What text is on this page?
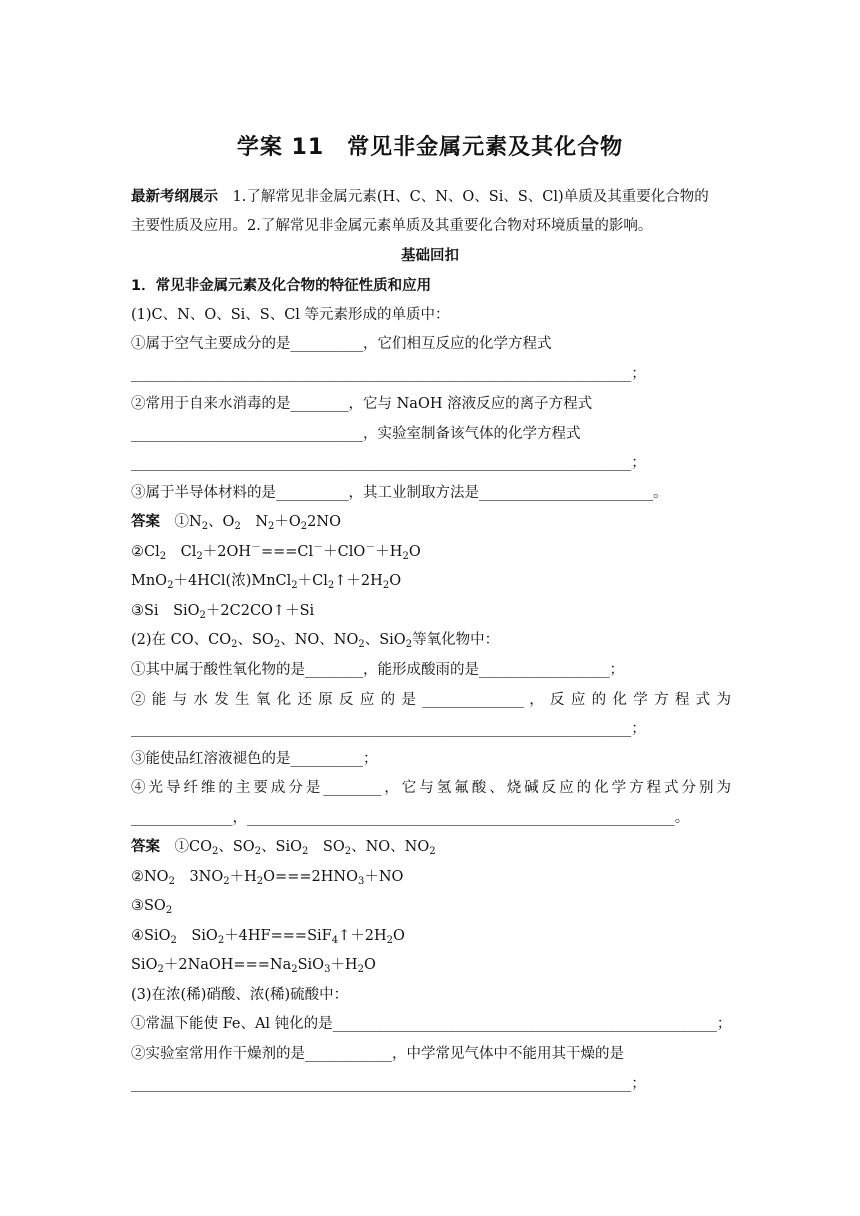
学案 11　常见非金属元素及其化合物
最新考纲展示　1.了解常见非金属元素(H、C、N、O、Si、S、Cl)单质及其重要化合物的
主要性质及应用。2.了解常见非金属元素单质及其重要化合物对环境质量的影响。
基础回扣
1．常见非金属元素及化合物的特征性质和应用
(1)C、N、O、Si、S、Cl 等元素形成的单质中：
①属于空气主要成分的是__________，它们相互反应的化学方程式
_____________________________________________________________________；
②常用于自来水消毒的是________，它与 NaOH 溶液反应的离子方程式
________________________________，实验室制备该气体的化学方程式
_____________________________________________________________________；
③属于半导体材料的是__________，其工业制取方法是________________________。
答案　$①N_2$、$O_2$　$N_2+O_22NO$
$②Cl_2$　$Cl_2+2OH^-===Cl^-+ClO^-+H_2O$
MnO$_2$＋4HCl(浓)$MnCl_2+Cl_2↑+2H_2O$
③Si　SiO$_2$＋2C2CO↑＋Si
(2)在 CO、$CO_2$、$SO_2$、NO、$NO_2$、SiO$_2$等氧化物中：
①其中属于酸性氧化物的是________，能形成酸雨的是__________________；
② 能 与 水 发 生 氧 化 还 原 反 应 的 是 ______________ ， 反 应 的 化 学 方 程 式 为
_____________________________________________________________________；
③能使品红溶液褪色的是__________；
④光导纤维的主要成分是________，它与氢氟酸、烧碱反应的化学方程式分别为
______________，___________________________________________________________。
答案　$①CO_2$、$SO_2$、SiO$_2$　$SO_2$、NO、$NO_2$
$②NO_2$　$3NO_2+H_2O===2HNO_3+NO$
$③SO_2$
④SiO$_2$　$SiO_2+4HF===SiF_4↑+2H_2O$
$SiO_2+2NaOH===Na_2SiO_3+H_2O$
(3)在浓(稀)硝酸、浓(稀)硫酸中：
①常温下能使 Fe、Al 钝化的是_____________________________________________________；
②实验室常用作干燥剂的是____________，中学常见气体中不能用其干燥的是
_____________________________________________________________________；
